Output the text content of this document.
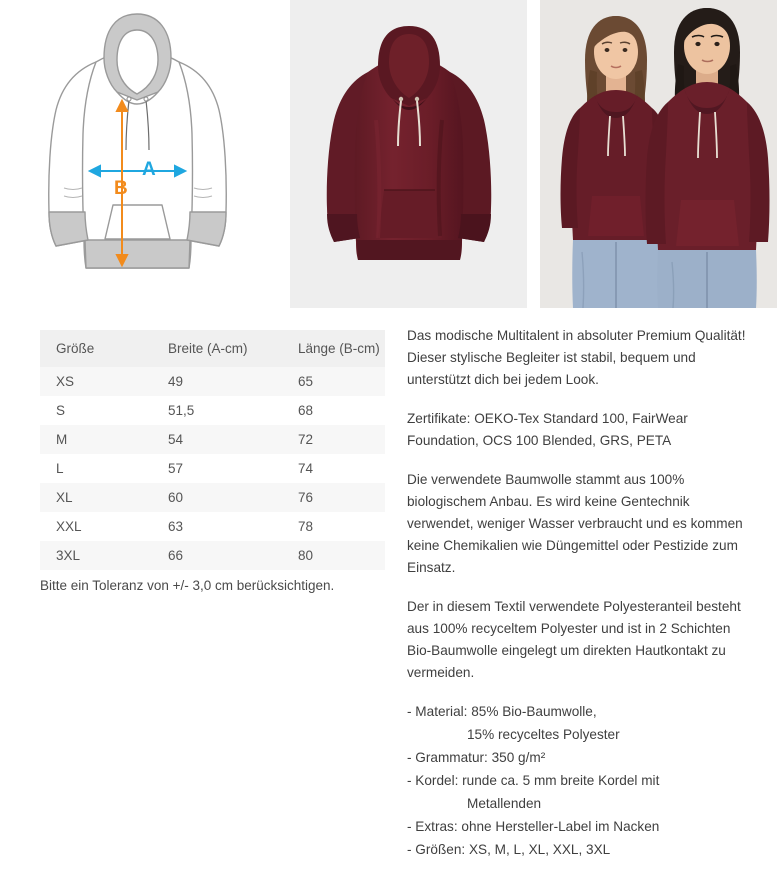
A
B
Größe	Breite (A-cm)	Länge (B-cm)
XS	49	65
S	51,5	68
M	54	72
L	57	74
XL	60	76
XXL	63	78
3XL	66	80
Bitte ein Toleranz von +/- 3,0 cm berücksichtigen.

Das modische Multitalent in absoluter Premium Qualität! Dieser stylische Begleiter ist stabil, bequem und unterstützt dich bei jedem Look.

Zertifikate: OEKO-Tex Standard 100, FairWear Foundation, OCS 100 Blended, GRS, PETA

Die verwendete Baumwolle stammt aus 100% biologischem Anbau. Es wird keine Gentechnik verwendet, weniger Wasser verbraucht und es kommen keine Chemikalien wie Düngemittel oder Pestizide zum Einsatz.

Der in diesem Textil verwendete Polyesteranteil besteht aus 100% recyceltem Polyester und ist in 2 Schichten Bio-Baumwolle eingelegt um direkten Hautkontakt zu vermeiden.

- Material: 85% Bio-Baumwolle,
15% recyceltes Polyester
- Grammatur: 350 g/m²
- Kordel: runde ca. 5 mm breite Kordel mit
Metallenden
- Extras: ohne Hersteller-Label im Nacken
- Größen: XS, M, L, XL, XXL, 3XL
